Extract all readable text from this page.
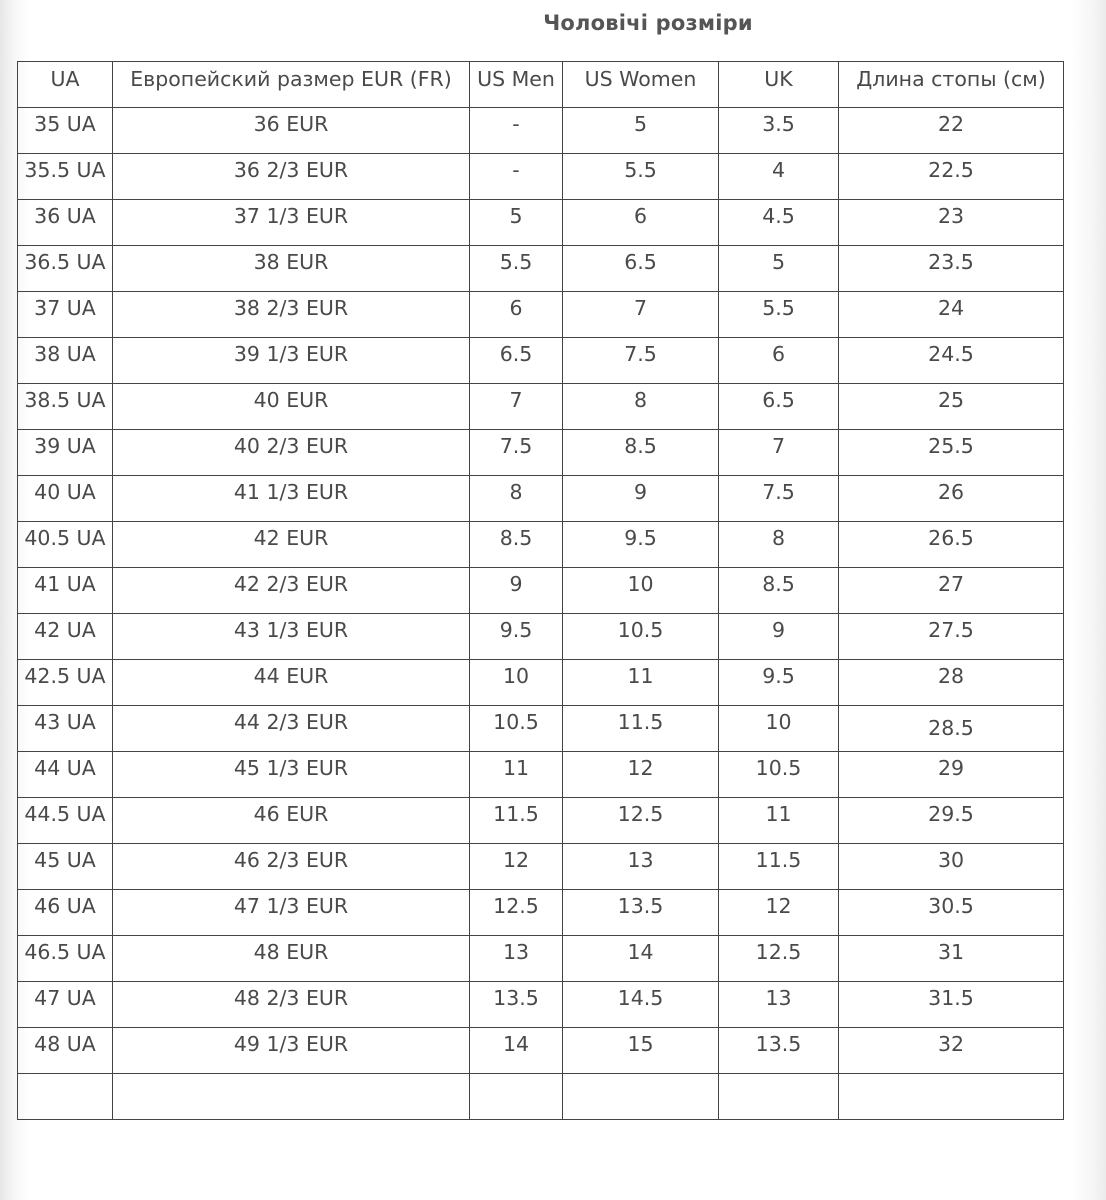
Чоловічі розміри
UA	Европейский размер EUR (FR)	US Men	US Women	UK	Длина стопы (см)
35 UA	36 EUR	-	5	3.5	22
35.5 UA	36 2/3 EUR	-	5.5	4	22.5
36 UA	37 1/3 EUR	5	6	4.5	23
36.5 UA	38 EUR	5.5	6.5	5	23.5
37 UA	38 2/3 EUR	6	7	5.5	24
38 UA	39 1/3 EUR	6.5	7.5	6	24.5
38.5 UA	40 EUR	7	8	6.5	25
39 UA	40 2/3 EUR	7.5	8.5	7	25.5
40 UA	41 1/3 EUR	8	9	7.5	26
40.5 UA	42 EUR	8.5	9.5	8	26.5
41 UA	42 2/3 EUR	9	10	8.5	27
42 UA	43 1/3 EUR	9.5	10.5	9	27.5
42.5 UA	44 EUR	10	11	9.5	28
43 UA	44 2/3 EUR	10.5	11.5	10	28.5
44 UA	45 1/3 EUR	11	12	10.5	29
44.5 UA	46 EUR	11.5	12.5	11	29.5
45 UA	46 2/3 EUR	12	13	11.5	30
46 UA	47 1/3 EUR	12.5	13.5	12	30.5
46.5 UA	48 EUR	13	14	12.5	31
47 UA	48 2/3 EUR	13.5	14.5	13	31.5
48 UA	49 1/3 EUR	14	15	13.5	32
